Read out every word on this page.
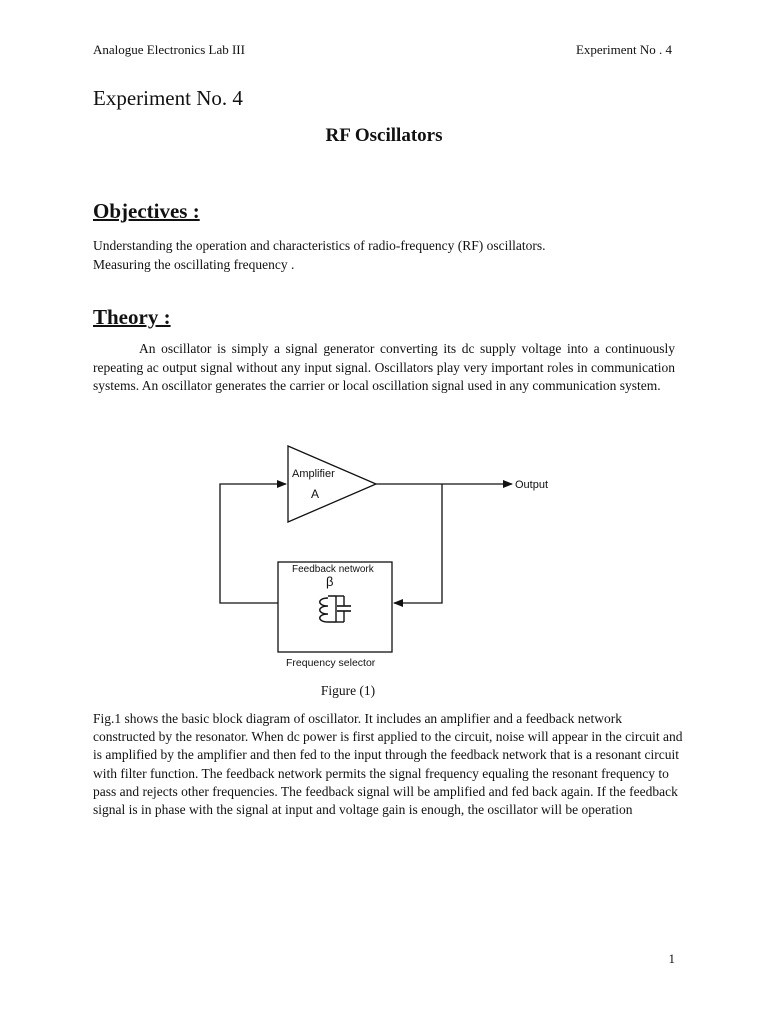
Analogue Electronics Lab III	Experiment No . 4
Experiment No. 4
RF Oscillators
Objectives :
Understanding the operation and characteristics of radio-frequency (RF) oscillators.
Measuring the oscillating frequency .
Theory :
An oscillator is simply a signal generator converting its dc supply voltage into a continuously repeating ac output signal without any input signal. Oscillators play very important roles in communication systems. An oscillator generates the carrier or local oscillation signal used in any communication system.
Amplifier
A
Output
Feedback network
β
Frequency selector
Figure (1)
Fig.1 shows the basic block diagram of oscillator. It includes an amplifier and a feedback network constructed by the resonator. When dc power is first applied to the circuit, noise will appear in the circuit and is amplified by the amplifier and then fed to the input through the feedback network that is a resonant circuit with filter function. The feedback network permits the signal frequency equaling the resonant frequency to pass and rejects other frequencies. The feedback signal will be amplified and fed back again. If the feedback signal is in phase with the signal at input and voltage gain is enough, the oscillator will be operation
1
